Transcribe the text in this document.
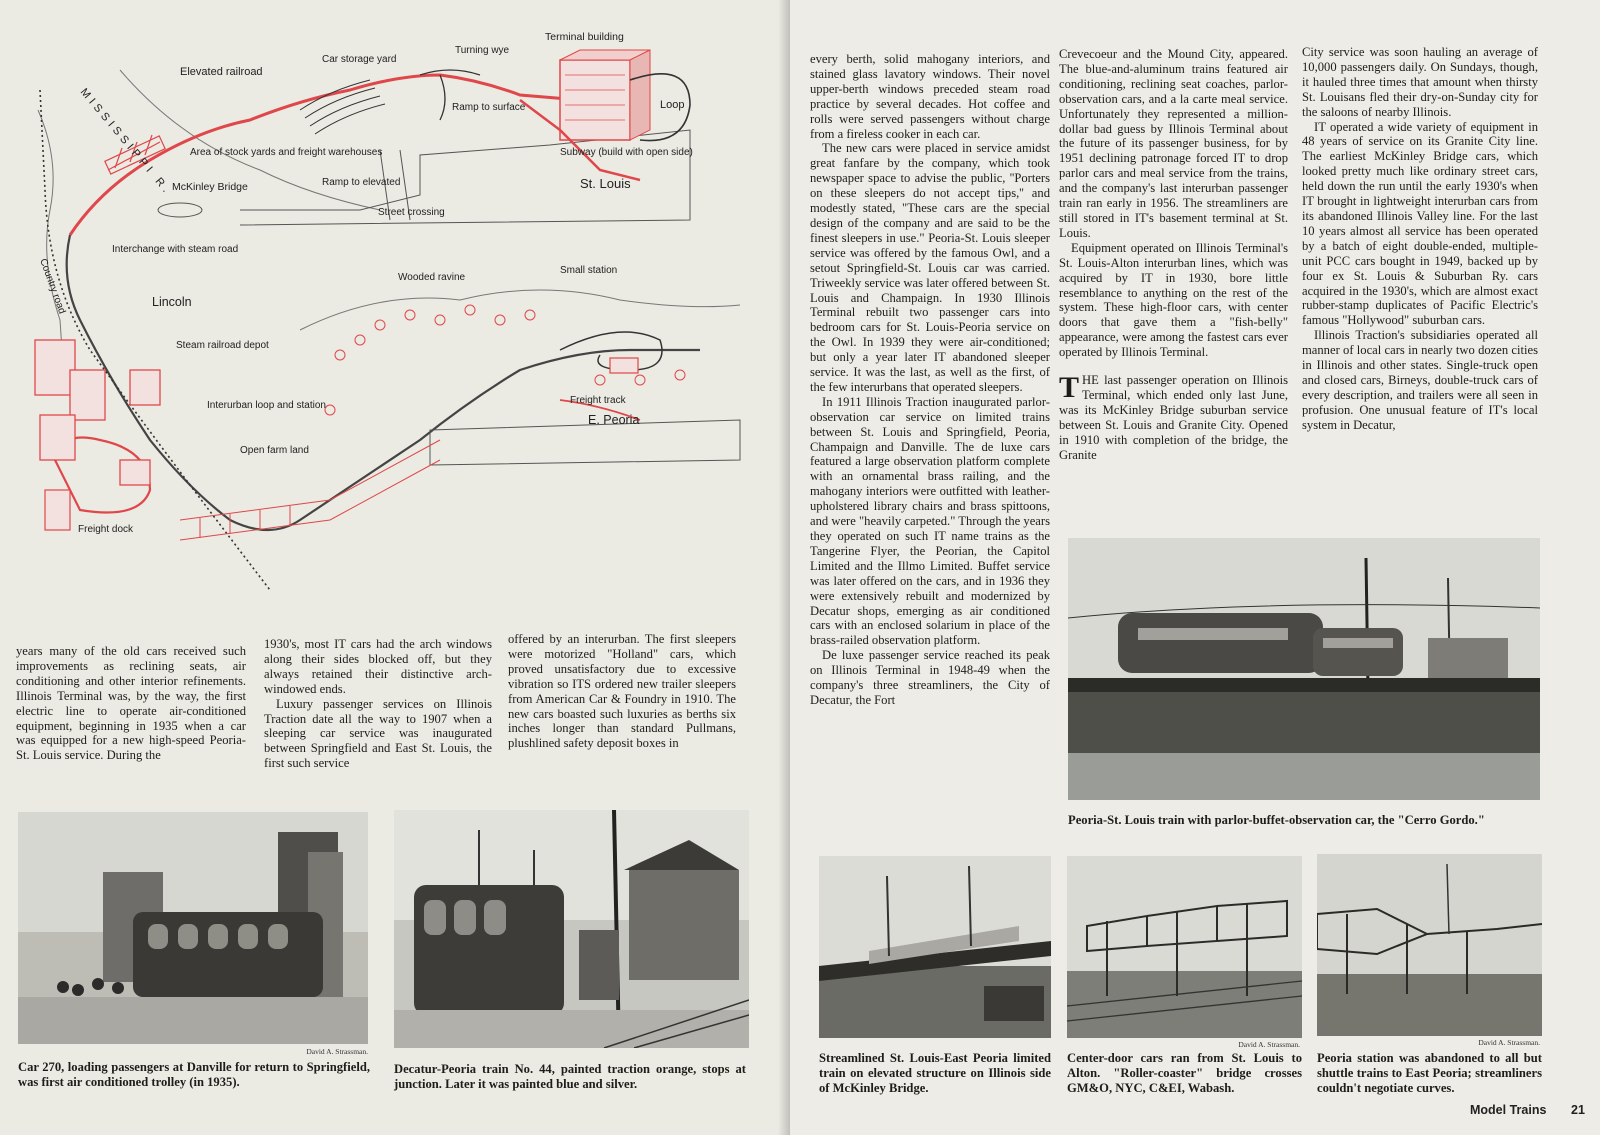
Elevated railroad
Car storage yard
Turning wye
Terminal building
Loop
Ramp to surface
Area of stock yards and freight warehouses	Subway (build with open side)
St. Louis
McKinley Bridge	Ramp to elevated
Street crossing
MISSISSIPPI R.
Interchange with steam road
Country road	Lincoln
Wooded ravine
Small station
Steam railroad depot
Interurban loop and station	Freight track
E. Peoria
Open farm land
Freight dock

years many of the old cars received such improvements as reclining seats, air conditioning and other interior refinements. Illinois Terminal was, by the way, the first electric line to operate air-conditioned equipment, beginning in 1935 when a car was equipped for a new high-speed Peoria-St. Louis service. During the

1930's, most IT cars had the arch windows along their sides blocked off, but they always retained their distinctive arch-windowed ends.

Luxury passenger services on Illinois Traction date all the way to 1907 when a sleeping car service was inaugurated between Springfield and East St. Louis, the first such service

offered by an interurban. The first sleepers were motorized "Holland" cars, which proved unsatisfactory due to excessive vibration so ITS ordered new trailer sleepers from American Car & Foundry in 1910. The new cars boasted such luxuries as berths six inches longer than standard Pullmans, plushlined safety deposit boxes in

David A. Strassman.
Car 270, loading passengers at Danville for return to Springfield, was first air conditioned trolley (in 1935).
Decatur-Peoria train No. 44, painted traction orange, stops at junction. Later it was painted blue and silver.

every berth, solid mahogany interiors, and stained glass lavatory windows. Their novel upper-berth windows preceded steam road practice by several decades. Hot coffee and rolls were served passengers without charge from a fireless cooker in each car.

The new cars were placed in service amidst great fanfare by the company, which took newspaper space to advise the public, ''Porters on these sleepers do not accept tips,'' and modestly stated, "These cars are the special design of the company and are said to be the finest sleepers in use." Peoria-St. Louis sleeper service was offered by the famous Owl, and a setout Springfield-St. Louis car was carried. Triweekly service was later offered between St. Louis and Champaign. In 1930 Illinois Terminal rebuilt two passenger cars into bedroom cars for St. Louis-Peoria service on the Owl. In 1939 they were air-conditioned; but only a year later IT abandoned sleeper service. It was the last, as well as the first, of the few interurbans that operated sleepers.

In 1911 Illinois Traction inaugurated parlor-observation car service on limited trains between St. Louis and Springfield, Peoria, Champaign and Danville. The de luxe cars featured a large observation platform complete with an ornamental brass railing, and the mahogany interiors were outfitted with leather-upholstered library chairs and brass spittoons, and were "heavily carpeted." Through the years they operated on such IT name trains as the Tangerine Flyer, the Peorian, the Capitol Limited and the Illmo Limited. Buffet service was later offered on the cars, and in 1936 they were extensively rebuilt and modernized by Decatur shops, emerging as air conditioned cars with an enclosed solarium in place of the brass-railed observation platform.

De luxe passenger service reached its peak on Illinois Terminal in 1948-49 when the company's three streamliners, the City of Decatur, the Fort

Crevecoeur and the Mound City, appeared. The blue-and-aluminum trains featured air conditioning, reclining seat coaches, parlor-observation cars, and a la carte meal service. Unfortunately they represented a million-dollar bad guess by Illinois Terminal about the future of its passenger business, for by 1951 declining patronage forced IT to drop parlor cars and meal service from the trains, and the company's last interurban passenger train ran early in 1956. The streamliners are still stored in IT's basement terminal at St. Louis.

Equipment operated on Illinois Terminal's St. Louis-Alton interurban lines, which was acquired by IT in 1930, bore little resemblance to anything on the rest of the system. These high-floor cars, with center doors that gave them a "fish-belly" appearance, were among the fastest cars ever operated by Illinois Terminal.

THE last passenger operation on Illinois Terminal, which ended only last June, was its McKinley Bridge suburban service between St. Louis and Granite City. Opened in 1910 with completion of the bridge, the Granite

City service was soon hauling an average of 10,000 passengers daily. On Sundays, though, it hauled three times that amount when thirsty St. Louisans fled their dry-on-Sunday city for the saloons of nearby Illinois.

IT operated a wide variety of equipment in 48 years of service on its Granite City line. The earliest McKinley Bridge cars, which looked pretty much like ordinary street cars, held down the run until the early 1930's when IT brought in lightweight interurban cars from its abandoned Illinois Valley line. For the last 10 years almost all service has been operated by a batch of eight double-ended, multiple-unit PCC cars bought in 1949, backed up by four ex St. Louis & Suburban Ry. cars acquired in the 1930's, which are almost exact rubber-stamp duplicates of Pacific Electric's famous "Hollywood" suburban cars.

Illinois Traction's subsidiaries operated all manner of local cars in nearly two dozen cities in Illinois and other states. Single-truck open and closed cars, Birneys, double-truck cars of every description, and trailers were all seen in profusion. One unusual feature of IT's local system in Decatur,

Peoria-St. Louis train with parlor-buffet-observation car, the "Cerro Gordo."
Streamlined St. Louis-East Peoria limited train on elevated structure on Illinois side of McKinley Bridge.
David A. Strassman.
Center-door cars ran from St. Louis to Alton. "Roller-coaster" bridge crosses GM&O, NYC, C&EI, Wabash.
David A. Strassman.
Peoria station was abandoned to all but shuttle trains to East Peoria; streamliners couldn't negotiate curves.
Model Trains 21
